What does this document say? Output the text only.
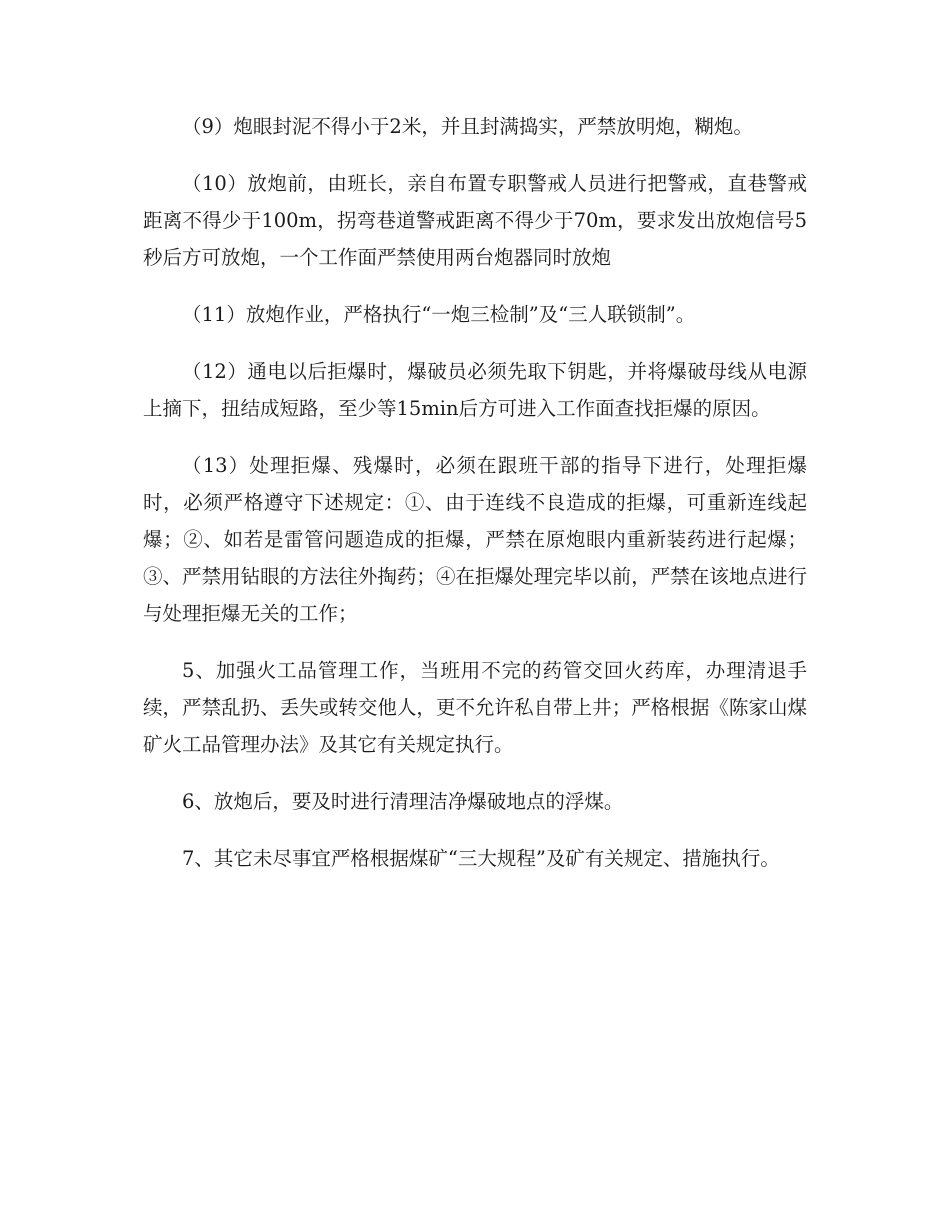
（9）炮眼封泥不得小于2米，并且封满捣实，严禁放明炮，糊炮。

（10）放炮前，由班长，亲自布置专职警戒人员进行把警戒，直巷警戒距离不得少于100m，拐弯巷道警戒距离不得少于70m，要求发出放炮信号5秒后方可放炮，一个工作面严禁使用两台炮器同时放炮

（11）放炮作业，严格执行“一炮三检制”及“三人联锁制”。

（12）通电以后拒爆时，爆破员必须先取下钥匙，并将爆破母线从电源上摘下，扭结成短路，至少等15min后方可进入工作面查找拒爆的原因。

（13）处理拒爆、残爆时，必须在跟班干部的指导下进行，处理拒爆时，必须严格遵守下述规定：①、由于连线不良造成的拒爆，可重新连线起爆；②、如若是雷管问题造成的拒爆，严禁在原炮眼内重新装药进行起爆；③、严禁用钻眼的方法往外掏药；④在拒爆处理完毕以前，严禁在该地点进行与处理拒爆无关的工作；

5、加强火工品管理工作，当班用不完的药管交回火药库，办理清退手续，严禁乱扔、丢失或转交他人，更不允许私自带上井；严格根据《陈家山煤矿火工品管理办法》及其它有关规定执行。

6、放炮后，要及时进行清理洁净爆破地点的浮煤。

7、其它未尽事宜严格根据煤矿“三大规程”及矿有关规定、措施执行。
